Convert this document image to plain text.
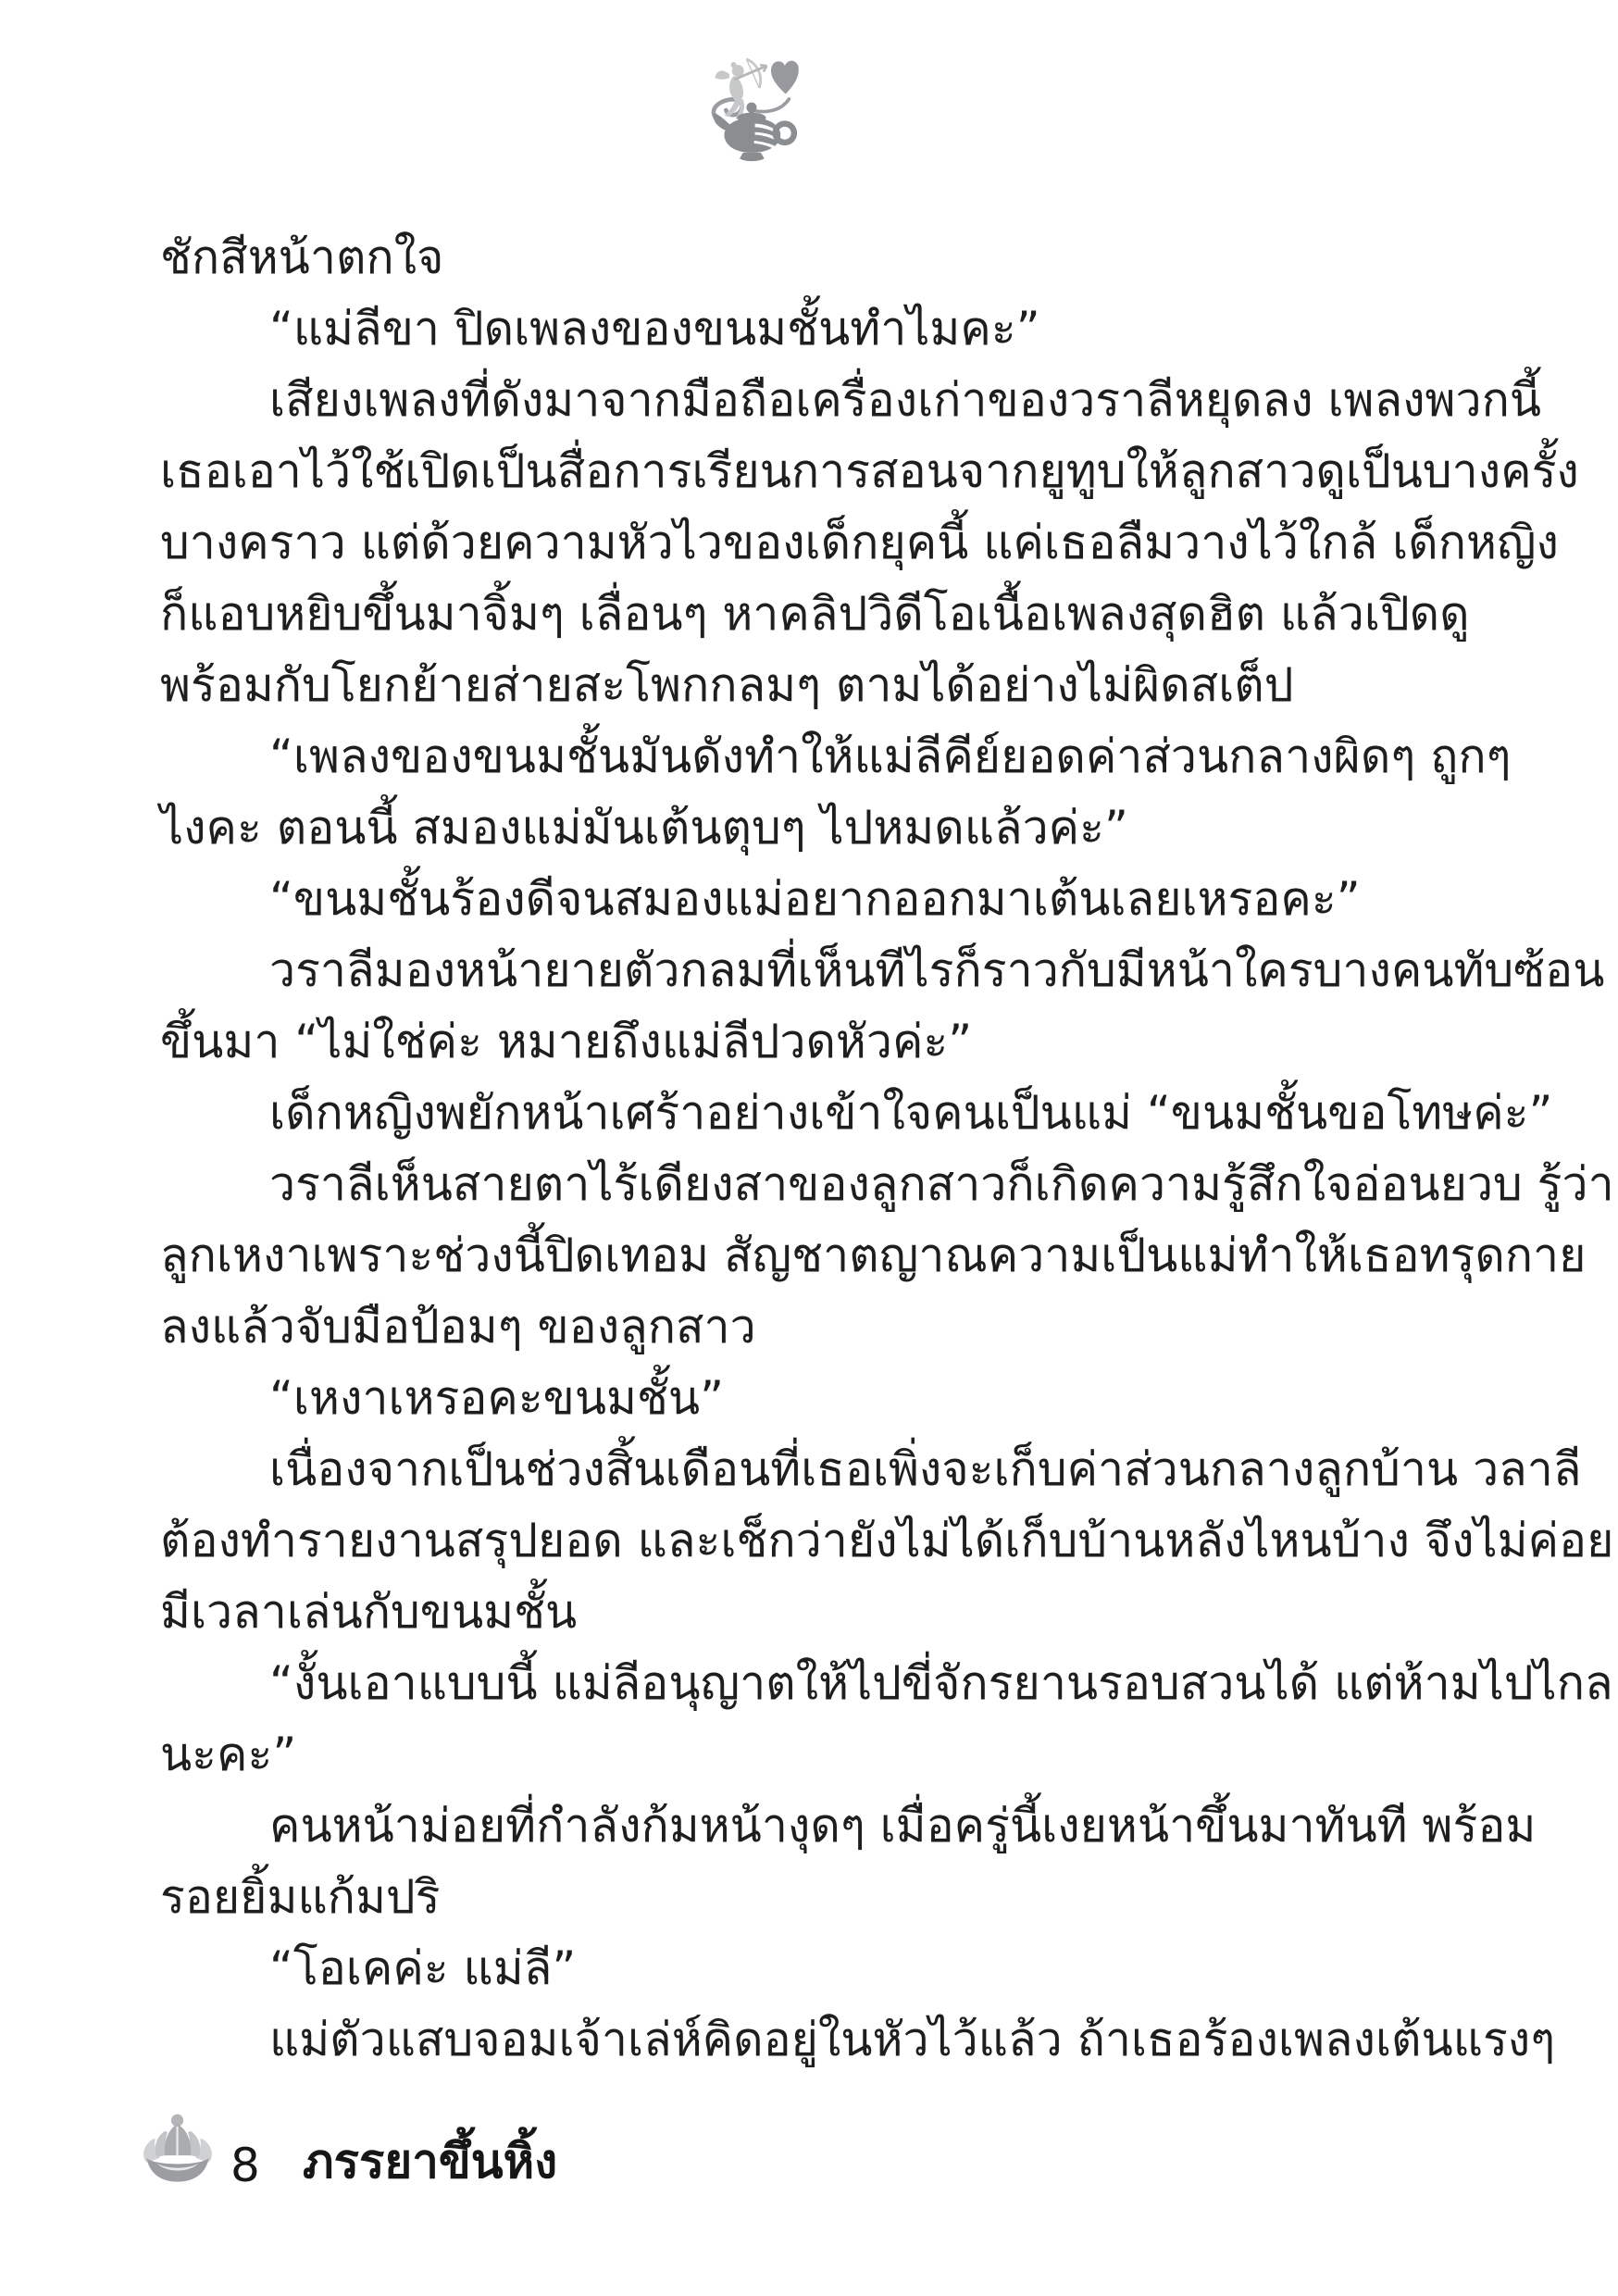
ชักสีหน้าตกใจ
“แม่ลีขา ปิดเพลงของขนมชั้นทำไมคะ”
เสียงเพลงที่ดังมาจากมือถือเครื่องเก่าของวราลีหยุดลง เพลงพวกนี้
เธอเอาไว้ใช้เปิดเป็นสื่อการเรียนการสอนจากยูทูบให้ลูกสาวดูเป็นบางครั้ง
บางคราว แต่ด้วยความหัวไวของเด็กยุคนี้ แค่เธอลืมวางไว้ใกล้ เด็กหญิง
ก็แอบหยิบขึ้นมาจิ้มๆ เลื่อนๆ หาคลิปวิดีโอเนื้อเพลงสุดฮิต แล้วเปิดดู
พร้อมกับโยกย้ายส่ายสะโพกกลมๆ ตามได้อย่างไม่ผิดสเต็ป
“เพลงของขนมชั้นมันดังทำให้แม่ลีคีย์ยอดค่าส่วนกลางผิดๆ ถูกๆ
ไงคะ ตอนนี้ สมองแม่มันเต้นตุบๆ ไปหมดแล้วค่ะ”
“ขนมชั้นร้องดีจนสมองแม่อยากออกมาเต้นเลยเหรอคะ”
วราลีมองหน้ายายตัวกลมที่เห็นทีไรก็ราวกับมีหน้าใครบางคนทับซ้อน
ขึ้นมา “ไม่ใช่ค่ะ หมายถึงแม่ลีปวดหัวค่ะ”
เด็กหญิงพยักหน้าเศร้าอย่างเข้าใจคนเป็นแม่ “ขนมชั้นขอโทษค่ะ”
วราลีเห็นสายตาไร้เดียงสาของลูกสาวก็เกิดความรู้สึกใจอ่อนยวบ รู้ว่า
ลูกเหงาเพราะช่วงนี้ปิดเทอม สัญชาตญาณความเป็นแม่ทำให้เธอทรุดกาย
ลงแล้วจับมือป้อมๆ ของลูกสาว
“เหงาเหรอคะขนมชั้น”
เนื่องจากเป็นช่วงสิ้นเดือนที่เธอเพิ่งจะเก็บค่าส่วนกลางลูกบ้าน วลาลี
ต้องทำรายงานสรุปยอด และเช็กว่ายังไม่ได้เก็บบ้านหลังไหนบ้าง จึงไม่ค่อย
มีเวลาเล่นกับขนมชั้น
“งั้นเอาแบบนี้ แม่ลีอนุญาตให้ไปขี่จักรยานรอบสวนได้ แต่ห้ามไปไกล
นะคะ”
คนหน้าม่อยที่กำลังก้มหน้างุดๆ เมื่อครู่นี้เงยหน้าขึ้นมาทันที พร้อม
รอยยิ้มแก้มปริ
“โอเคค่ะ แม่ลี”
แม่ตัวแสบจอมเจ้าเล่ห์คิดอยู่ในหัวไว้แล้ว ถ้าเธอร้องเพลงเต้นแรงๆ
8 ภรรยาขึ้นหิ้ง
